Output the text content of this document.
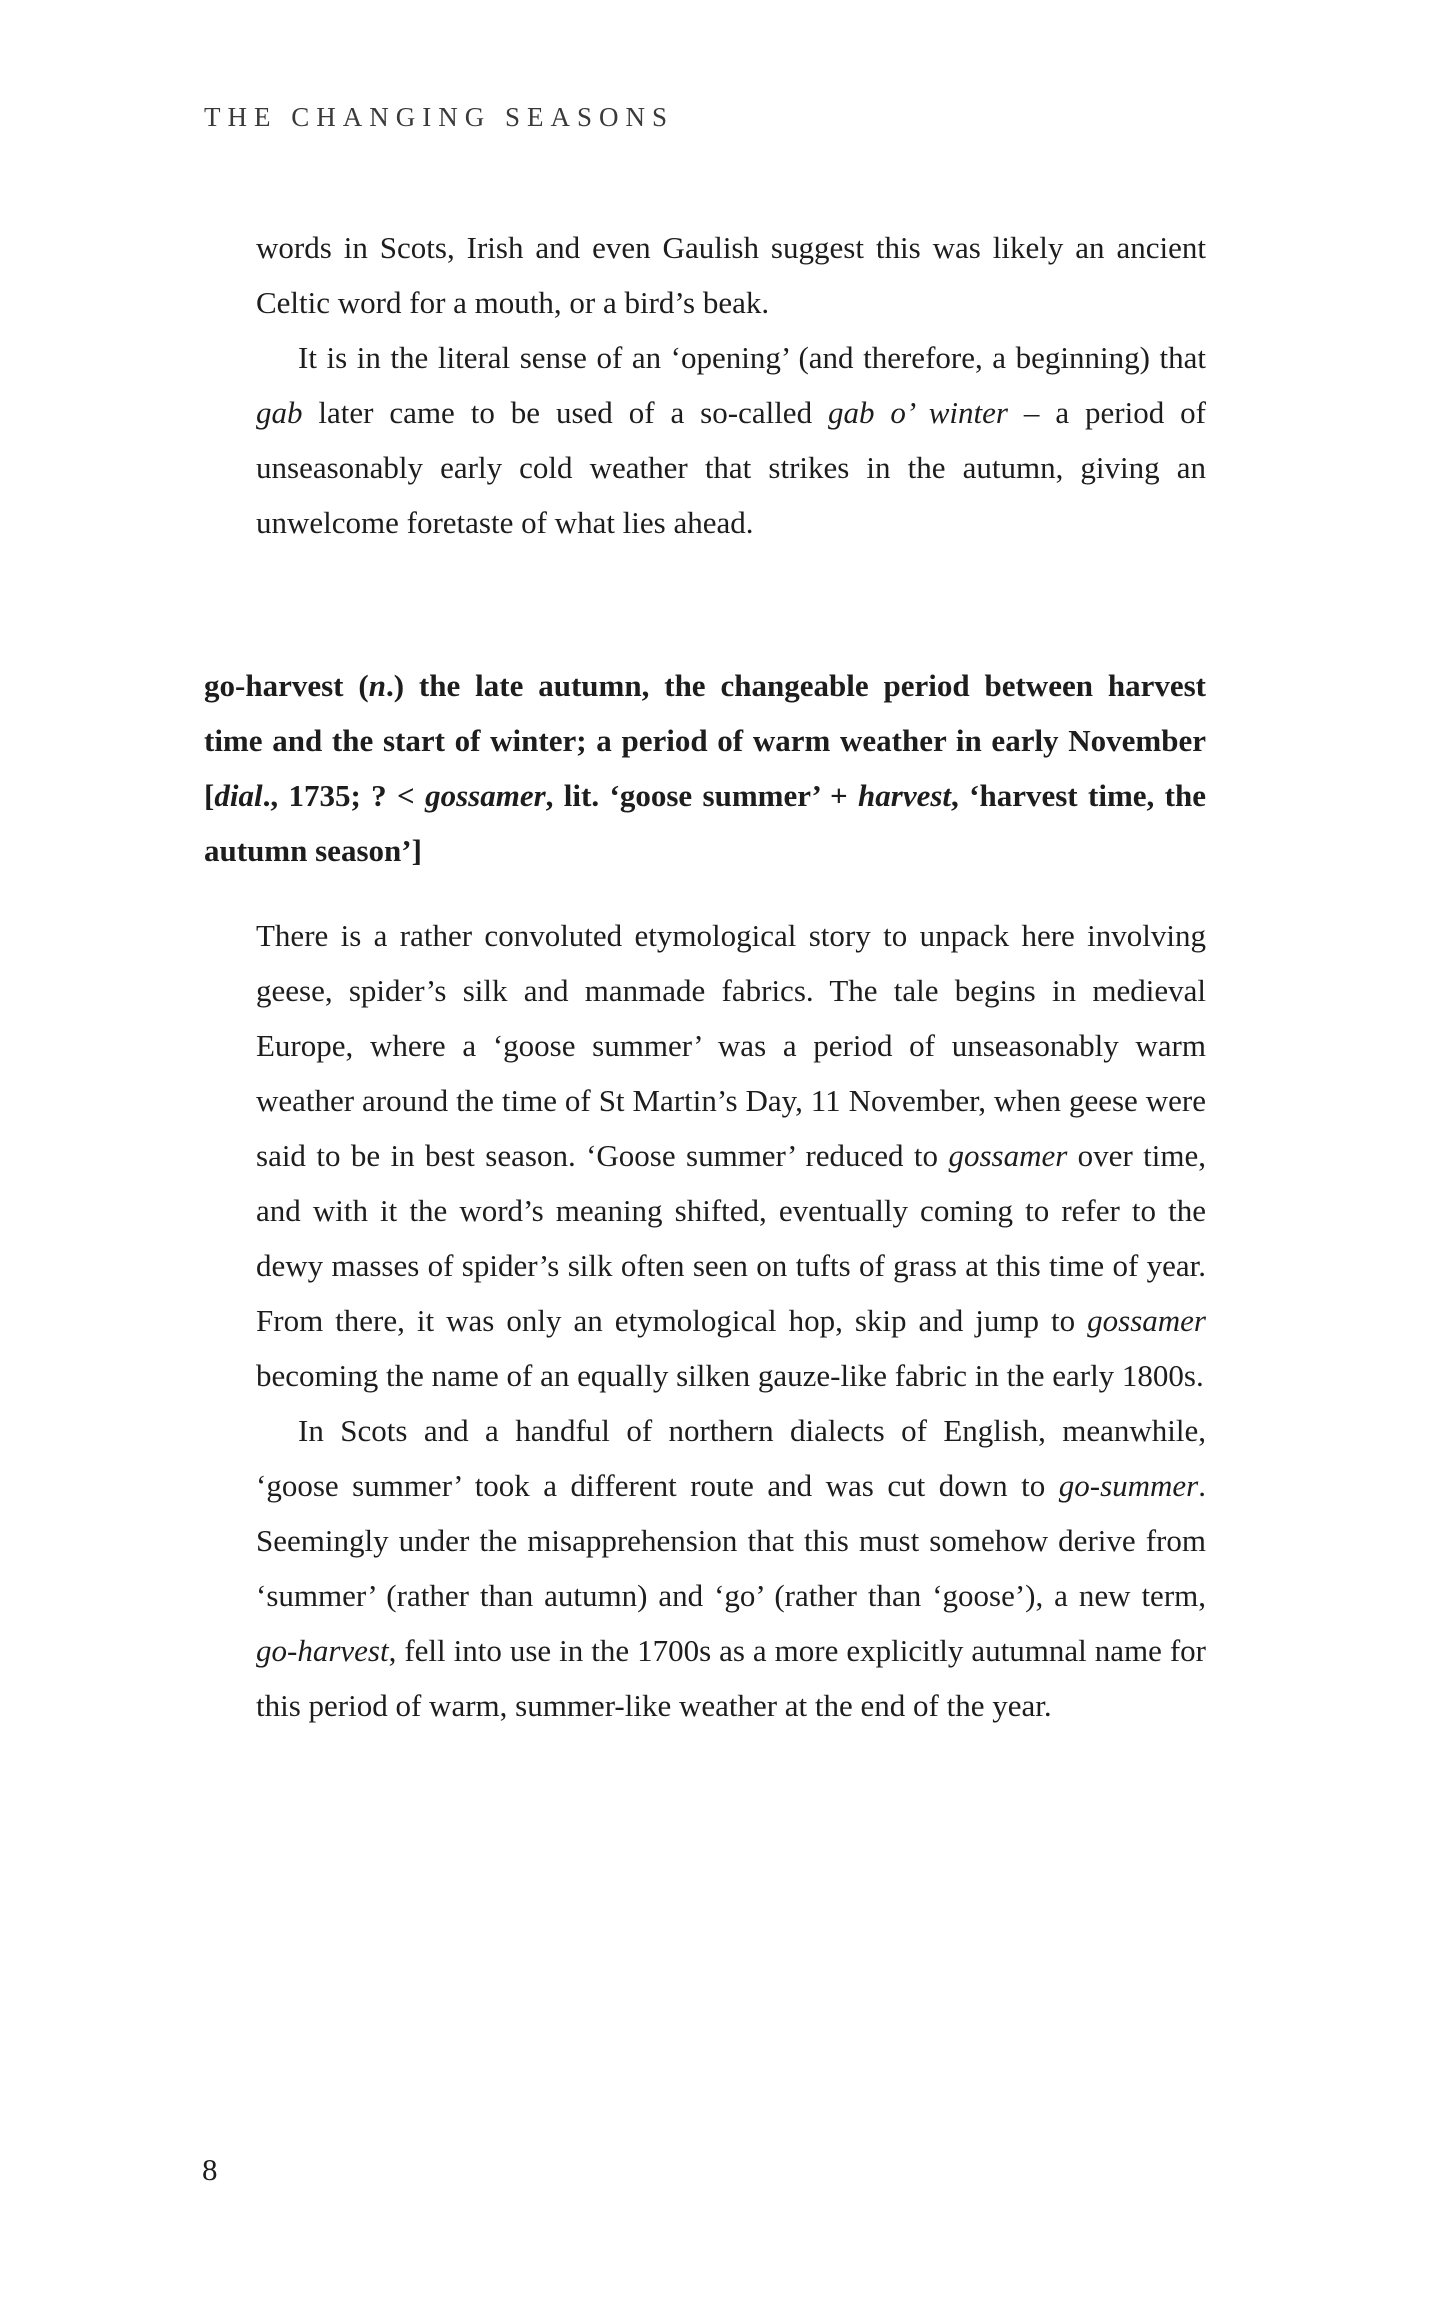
THE CHANGING SEASONS

words in Scots, Irish and even Gaulish suggest this was likely an ancient Celtic word for a mouth, or a bird’s beak.

It is in the literal sense of an ‘opening’ (and therefore, a beginning) that gab later came to be used of a so-called gab o’ winter – a period of unseasonably early cold weather that strikes in the autumn, giving an unwelcome foretaste of what lies ahead.

go-harvest (n.) the late autumn, the changeable period between harvest time and the start of winter; a period of warm weather in early November [dial., 1735; ? < gossamer, lit. ‘goose summer’ + harvest, ‘harvest time, the autumn season’]

There is a rather convoluted etymological story to unpack here involving geese, spider’s silk and manmade fabrics. The tale begins in medieval Europe, where a ‘goose summer’ was a period of unseasonably warm weather around the time of St Martin’s Day, 11 November, when geese were said to be in best season. ‘Goose summer’ reduced to gossamer over time, and with it the word’s meaning shifted, eventually coming to refer to the dewy masses of spider’s silk often seen on tufts of grass at this time of year. From there, it was only an etymological hop, skip and jump to gossamer becoming the name of an equally silken gauze-like fabric in the early 1800s.

In Scots and a handful of northern dialects of English, meanwhile, ‘goose summer’ took a different route and was cut down to go-summer. Seemingly under the misapprehension that this must somehow derive from ‘summer’ (rather than autumn) and ‘go’ (rather than ‘goose’), a new term, go-harvest, fell into use in the 1700s as a more explicitly autumnal name for this period of warm, summer-like weather at the end of the year.

8
